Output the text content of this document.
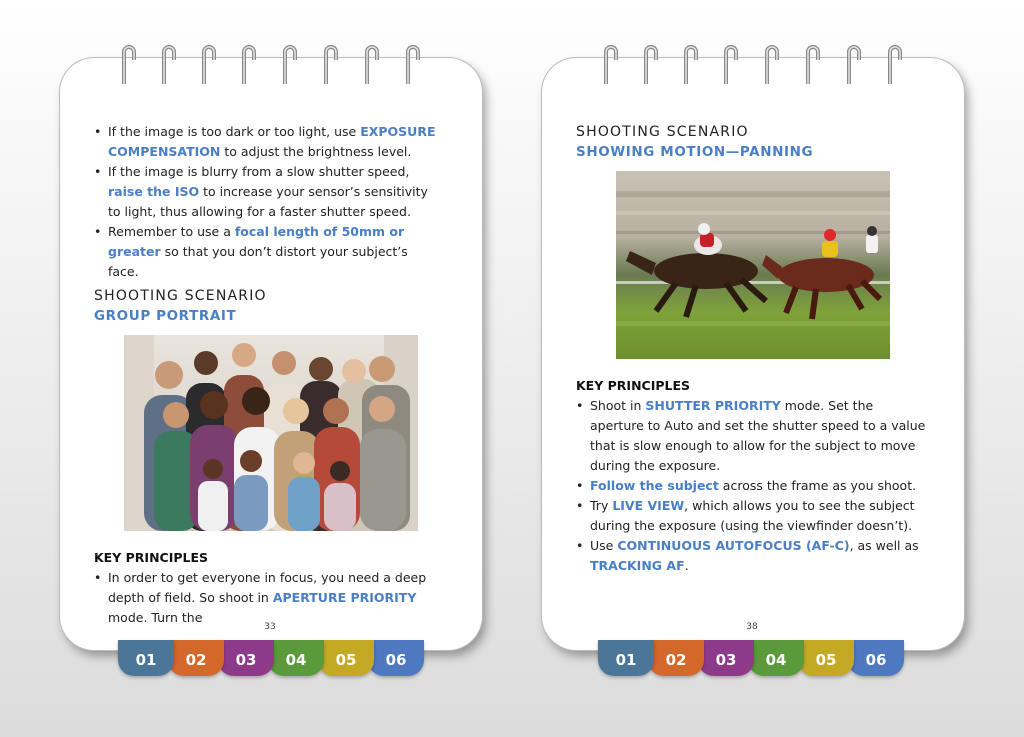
01	02	03	04	05	06
• If the image is too dark or too light, use EXPOSURE COMPENSATION to adjust the brightness level.
• If the image is blurry from a slow shutter speed, raise the ISO to increase your sensor’s sensitivity to light, thus allowing for a faster shutter speed.
• Remember to use a focal length of 50mm or greater so that you don’t distort your subject’s face.
SHOOTING SCENARIO
GROUP PORTRAIT
KEY PRINCIPLES
• In order to get everyone in focus, you need a deep depth of field. So shoot in APERTURE PRIORITY mode. Turn the
33
01	02	03	04	05	06
SHOOTING SCENARIO
SHOWING MOTION—PANNING
KEY PRINCIPLES
• Shoot in SHUTTER PRIORITY mode. Set the aperture to Auto and set the shutter speed to a value that is slow enough to allow for the subject to move during the exposure.
• Follow the subject across the frame as you shoot.
• Try LIVE VIEW, which allows you to see the subject during the exposure (using the viewfinder doesn’t).
• Use CONTINUOUS AUTOFOCUS (AF-C), as well as TRACKING AF.
38
